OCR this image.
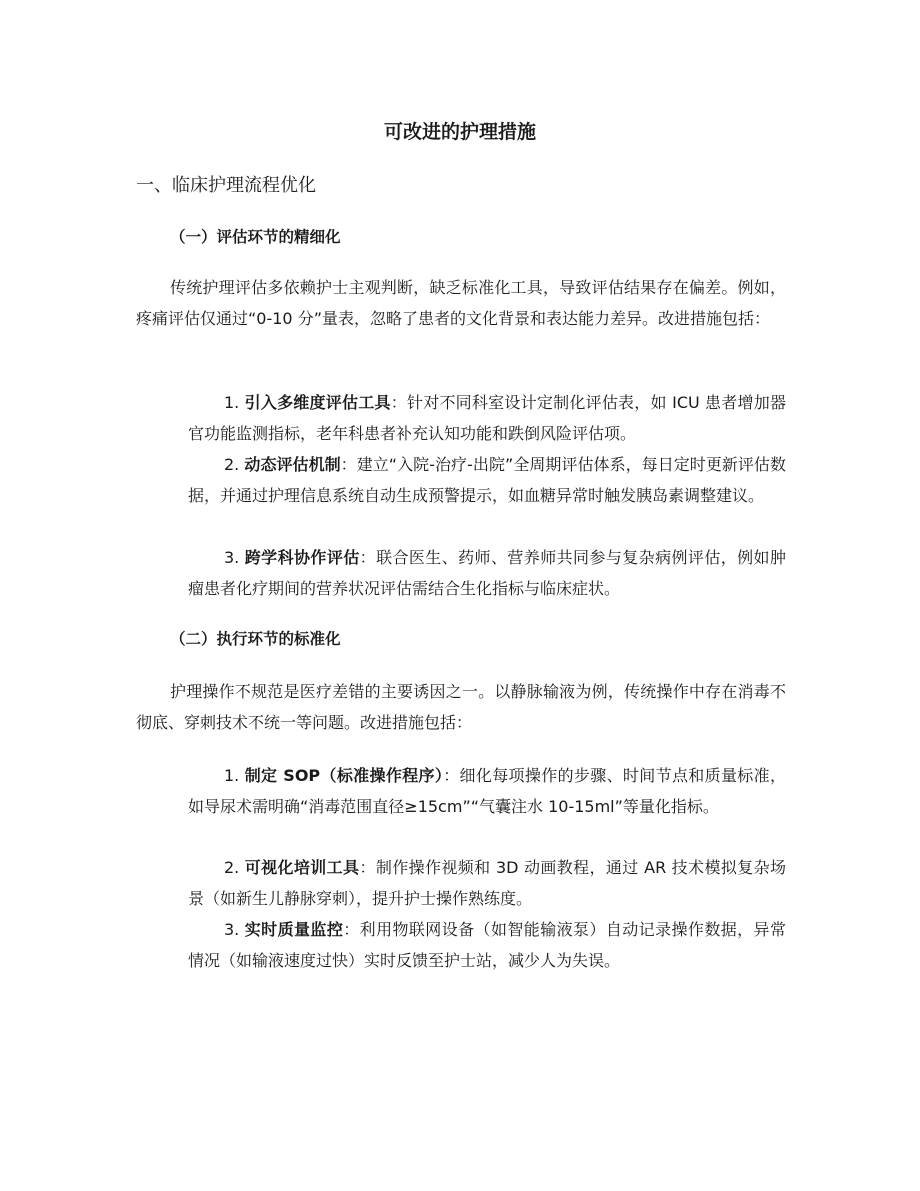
可改进的护理措施
一、临床护理流程优化
（一）评估环节的精细化
传统护理评估多依赖护士主观判断，缺乏标准化工具，导致评估结果存在偏差。例如，疼痛评估仅通过“0-10 分”量表，忽略了患者的文化背景和表达能力差异。改进措施包括：
1. 引入多维度评估工具：针对不同科室设计定制化评估表，如 ICU 患者增加器官功能监测指标，老年科患者补充认知功能和跌倒风险评估项。
2. 动态评估机制：建立“入院-治疗-出院”全周期评估体系，每日定时更新评估数据，并通过护理信息系统自动生成预警提示，如血糖异常时触发胰岛素调整建议。
3. 跨学科协作评估：联合医生、药师、营养师共同参与复杂病例评估，例如肿瘤患者化疗期间的营养状况评估需结合生化指标与临床症状。
（二）执行环节的标准化
护理操作不规范是医疗差错的主要诱因之一。以静脉输液为例，传统操作中存在消毒不彻底、穿刺技术不统一等问题。改进措施包括：
1. 制定 SOP（标准操作程序）：细化每项操作的步骤、时间节点和质量标准，如导尿术需明确“消毒范围直径≥15cm”“气囊注水 10-15ml”等量化指标。
2. 可视化培训工具：制作操作视频和 3D 动画教程，通过 AR 技术模拟复杂场景（如新生儿静脉穿刺），提升护士操作熟练度。
3. 实时质量监控：利用物联网设备（如智能输液泵）自动记录操作数据，异常情况（如输液速度过快）实时反馈至护士站，减少人为失误。
